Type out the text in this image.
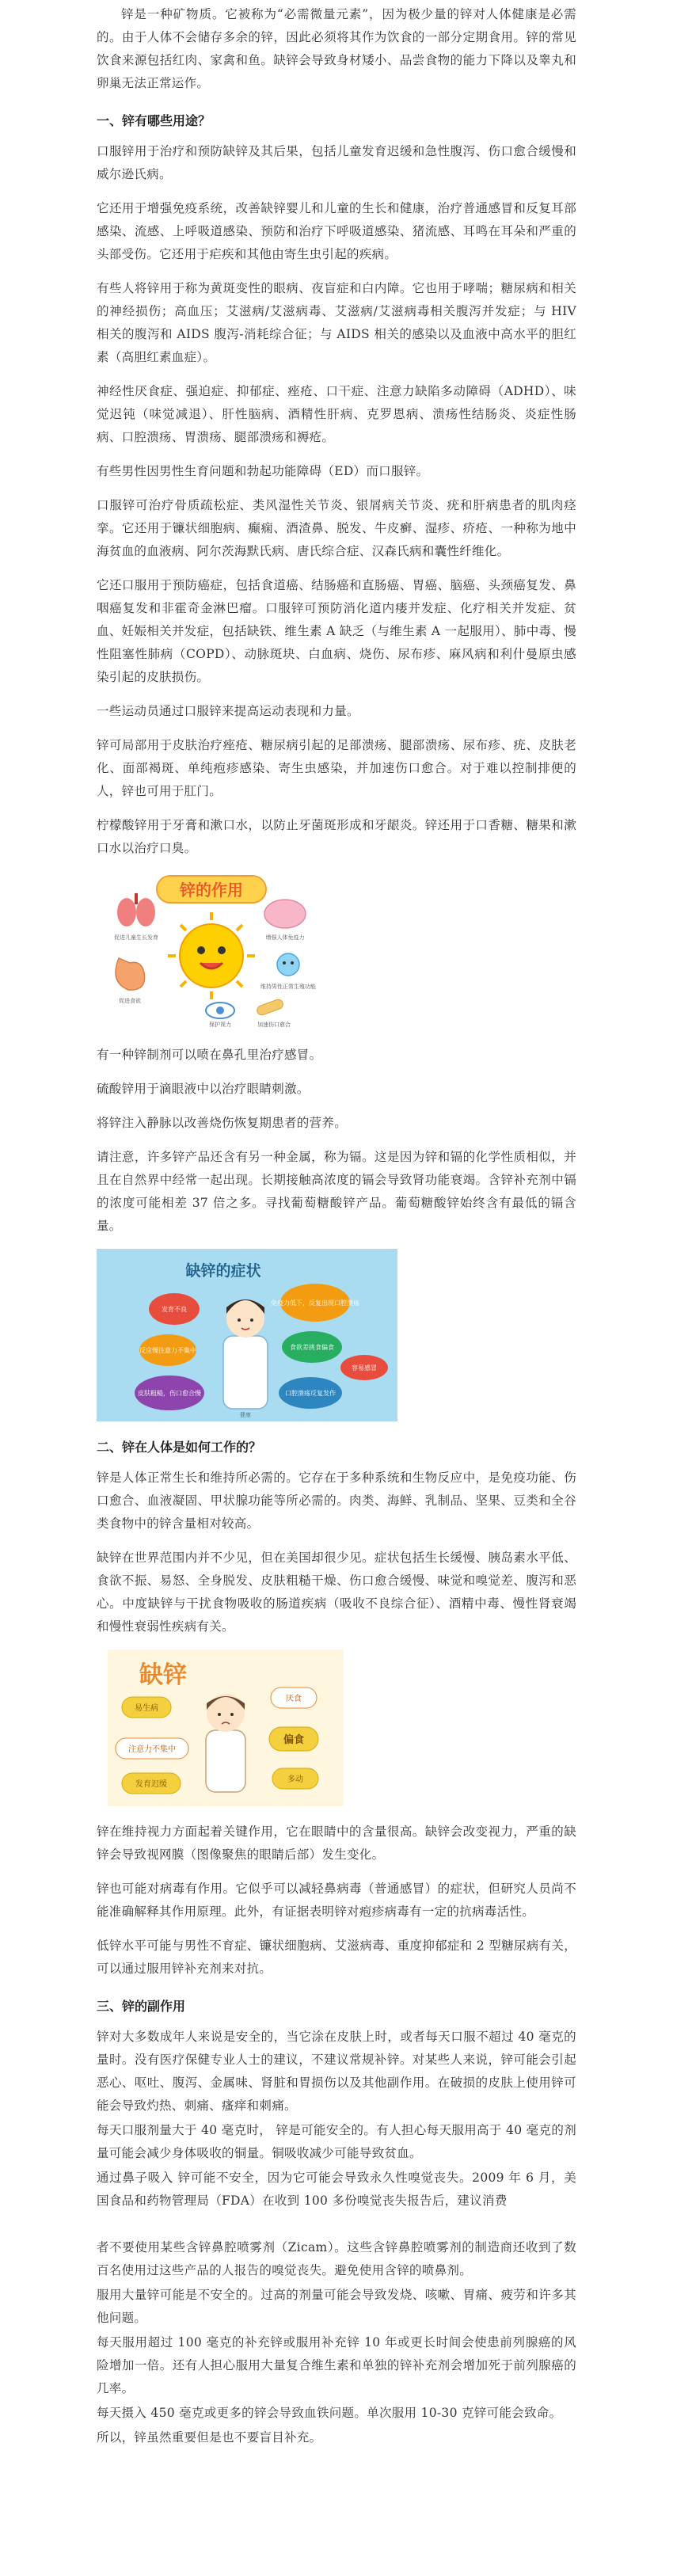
锌是一种矿物质。它被称为“必需微量元素”，因为极少量的锌对人体健康是必需的。由于人体不会储存多余的锌，因此必须将其作为饮食的一部分定期食用。锌的常见饮食来源包括红肉、家禽和鱼。缺锌会导致身材矮小、品尝食物的能力下降以及睾丸和卵巢无法正常运作。

一、锌有哪些用途？

口服锌用于治疗和预防缺锌及其后果，包括儿童发育迟缓和急性腹泻、伤口愈合缓慢和威尔逊氏病。

它还用于增强免疫系统，改善缺锌婴儿和儿童的生长和健康，治疗普通感冒和反复耳部感染、流感、上呼吸道感染、预防和治疗下呼吸道感染、猪流感、耳鸣在耳朵和严重的头部受伤。它还用于疟疾和其他由寄生虫引起的疾病。

有些人将锌用于称为黄斑变性的眼病、夜盲症和白内障。它也用于哮喘；糖尿病和相关的神经损伤；高血压；艾滋病/艾滋病毒、艾滋病/艾滋病毒相关腹泻并发症；与 HIV 相关的腹泻和 AIDS 腹泻-消耗综合征；与 AIDS 相关的感染以及血液中高水平的胆红素（高胆红素血症）。

神经性厌食症、强迫症、抑郁症、痤疮、口干症、注意力缺陷多动障碍（ADHD）、味觉迟钝（味觉减退）、肝性脑病、酒精性肝病、克罗恩病、溃疡性结肠炎、炎症性肠病、口腔溃疡、胃溃疡、腿部溃疡和褥疮。

有些男性因男性生育问题和勃起功能障碍（ED）而口服锌。

口服锌可治疗骨质疏松症、类风湿性关节炎、银屑病关节炎、疣和肝病患者的肌肉痉挛。它还用于镰状细胞病、癫痫、酒渣鼻、脱发、牛皮癣、湿疹、疥疮、一种称为地中海贫血的血液病、阿尔茨海默氏病、唐氏综合症、汉森氏病和囊性纤维化。

它还口服用于预防癌症，包括食道癌、结肠癌和直肠癌、胃癌、脑癌、头颈癌复发、鼻咽癌复发和非霍奇金淋巴瘤。口服锌可预防消化道内瘘并发症、化疗相关并发症、贫血、妊娠相关并发症，包括缺铁、维生素 A 缺乏（与维生素 A 一起服用）、肺中毒、慢性阻塞性肺病（COPD）、动脉斑块、白血病、烧伤、尿布疹、麻风病和利什曼原虫感染引起的皮肤损伤。

一些运动员通过口服锌来提高运动表现和力量。

锌可局部用于皮肤治疗痤疮、糖尿病引起的足部溃疡、腿部溃疡、尿布疹、疣、皮肤老化、面部褐斑、单纯疱疹感染、寄生虫感染，并加速伤口愈合。对于难以控制排便的人，锌也可用于肛门。

柠檬酸锌用于牙膏和漱口水，以防止牙菌斑形成和牙龈炎。锌还用于口香糖、糖果和漱口水以治疗口臭。

锌的作用
促进儿童生长发育	增强人体免疫力
促进食欲
维持男性正常生殖功能
保护视力	加速伤口愈合

有一种锌制剂可以喷在鼻孔里治疗感冒。

硫酸锌用于滴眼液中以治疗眼睛刺激。

将锌注入静脉以改善烧伤恢复期患者的营养。

请注意，许多锌产品还含有另一种金属，称为镉。这是因为锌和镉的化学性质相似，并且在自然界中经常一起出现。长期接触高浓度的镉会导致肾功能衰竭。含锌补充剂中镉的浓度可能相差 37 倍之多。寻找葡萄糖酸锌产品。葡萄糖酸锌始终含有最低的镉含量。

缺锌的症状
发育不良
免疫力低下，反复出现口腔溃疡
反应慢注意力不集中	食欲差挑食偏食
皮肤粗糙，伤口愈合慢	口腔溃疡反复发作
容易感冒
健康
二、锌在人体是如何工作的？

锌是人体正常生长和维持所必需的。它存在于多种系统和生物反应中，是免疫功能、伤口愈合、血液凝固、甲状腺功能等所必需的。肉类、海鲜、乳制品、坚果、豆类和全谷类食物中的锌含量相对较高。

缺锌在世界范围内并不少见，但在美国却很少见。症状包括生长缓慢、胰岛素水平低、食欲不振、易怒、全身脱发、皮肤粗糙干燥、伤口愈合缓慢、味觉和嗅觉差、腹泻和恶心。中度缺锌与干扰食物吸收的肠道疾病（吸收不良综合征）、酒精中毒、慢性肾衰竭和慢性衰弱性疾病有关。

缺锌
易生病
注意力不集中
厌食
偏食
发育迟缓
多动

锌在维持视力方面起着关键作用，它在眼睛中的含量很高。缺锌会改变视力，严重的缺锌会导致视网膜（图像聚焦的眼睛后部）发生变化。

锌也可能对病毒有作用。它似乎可以减轻鼻病毒（普通感冒）的症状，但研究人员尚不能准确解释其作用原理。此外，有证据表明锌对疱疹病毒有一定的抗病毒活性。

低锌水平可能与男性不育症、镰状细胞病、艾滋病毒、重度抑郁症和 2 型糖尿病有关，可以通过服用锌补充剂来对抗。

三、锌的副作用

锌对大多数成年人来说是安全的，当它涂在皮肤上时，或者每天口服不超过 40 毫克的量时。没有医疗保健专业人士的建议，不建议常规补锌。对某些人来说，锌可能会引起恶心、呕吐、腹泻、金属味、肾脏和胃损伤以及其他副作用。在破损的皮肤上使用锌可能会导致灼热、刺痛、瘙痒和刺痛。

每天口服剂量大于 40 毫克时， 锌是可能安全的。有人担心每天服用高于 40 毫克的剂量可能会减少身体吸收的铜量。铜吸收减少可能导致贫血。

通过鼻子吸入 锌可能不安全，因为它可能会导致永久性嗅觉丧失。2009 年 6 月，美国食品和药物管理局（FDA）在收到 100 多份嗅觉丧失报告后，建议消费

者不要使用某些含锌鼻腔喷雾剂（Zicam）。这些含锌鼻腔喷雾剂的制造商还收到了数百名使用过这些产品的人报告的嗅觉丧失。避免使用含锌的喷鼻剂。

服用大量锌可能是不安全的。过高的剂量可能会导致发烧、咳嗽、胃痛、疲劳和许多其他问题。

每天服用超过 100 毫克的补充锌或服用补充锌 10 年或更长时间会使患前列腺癌的风险增加一倍。还有人担心服用大量复合维生素和单独的锌补充剂会增加死于前列腺癌的几率。

每天摄入 450 毫克或更多的锌会导致血铁问题。单次服用 10-30 克锌可能会致命。

所以，锌虽然重要但是也不要盲目补充。
